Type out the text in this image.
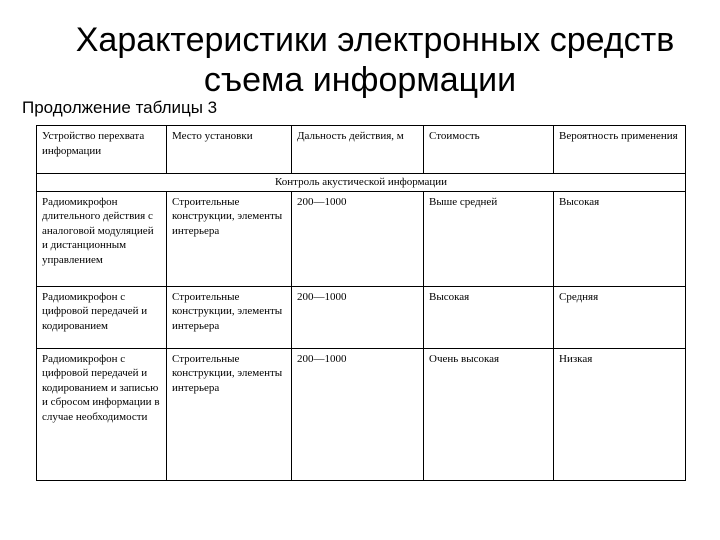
Характеристики электронных средств
съема информации
Продолжение таблицы 3
Устройство перехвата информации	Место установки	Дальность действия, м	Стоимость	Вероятность применения
Контроль акустической информации				
Радиомикрофон длительного действия с аналоговой модуляцией и дистанционным управлением	Строительные конструкции, элементы интерьера	200—1000	Выше средней	Высокая
Радиомикрофон с цифровой передачей и кодированием	Строительные конструкции, элементы интерьера	200—1000	Высокая	Средняя
Радиомикрофон с цифровой передачей и кодированием и записью и сбросом информации в случае необходимости	Строительные конструкции, элементы интерьера	200—1000	Очень высокая	Низкая
